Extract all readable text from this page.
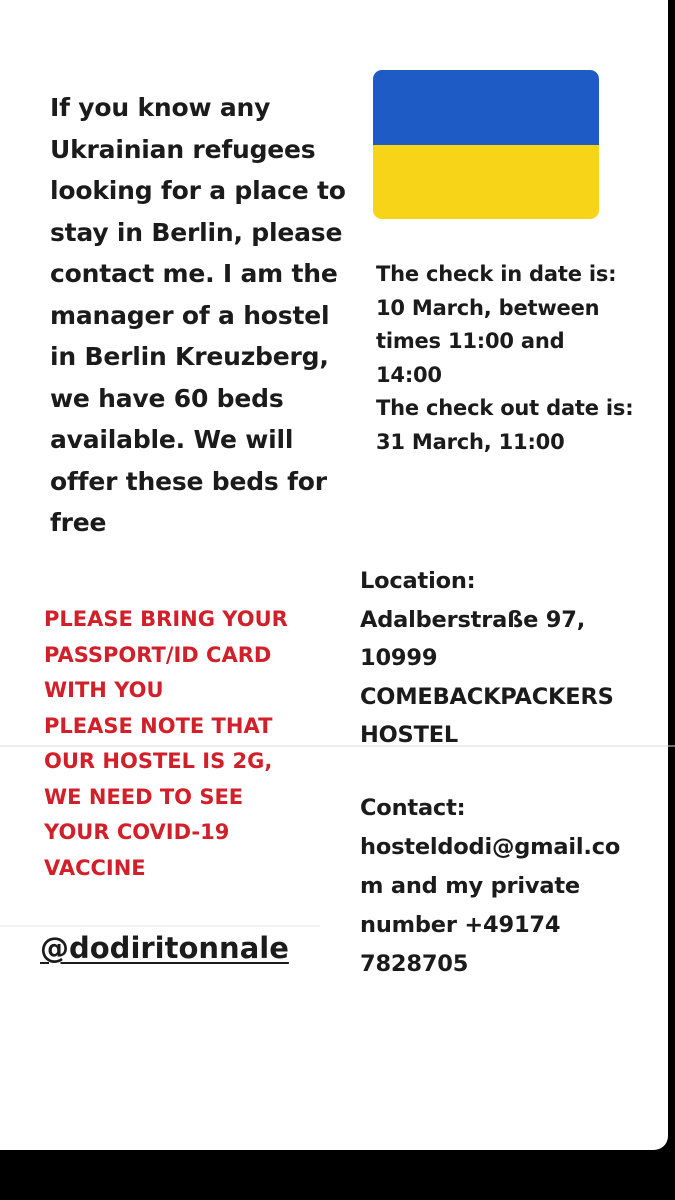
If you know any
Ukrainian refugees
looking for a place to
stay in Berlin, please
contact me. I am the
manager of a hostel
in Berlin Kreuzberg,
we have 60 beds
available. We will
offer these beds for
free
The check in date is:
10 March, between
times 11:00 and
14:00
The check out date is:
31 March, 11:00
PLEASE BRING YOUR
PASSPORT/ID CARD
WITH YOU
PLEASE NOTE THAT
OUR HOSTEL IS 2G,
WE NEED TO SEE
YOUR COVID-19
VACCINE
Location:
Adalberstraße 97,
10999
COMEBACKPACKERS
HOSTEL
Contact:
hosteldodi@gmail.co
m and my private
number +49174
7828705
@dodiritonnale
